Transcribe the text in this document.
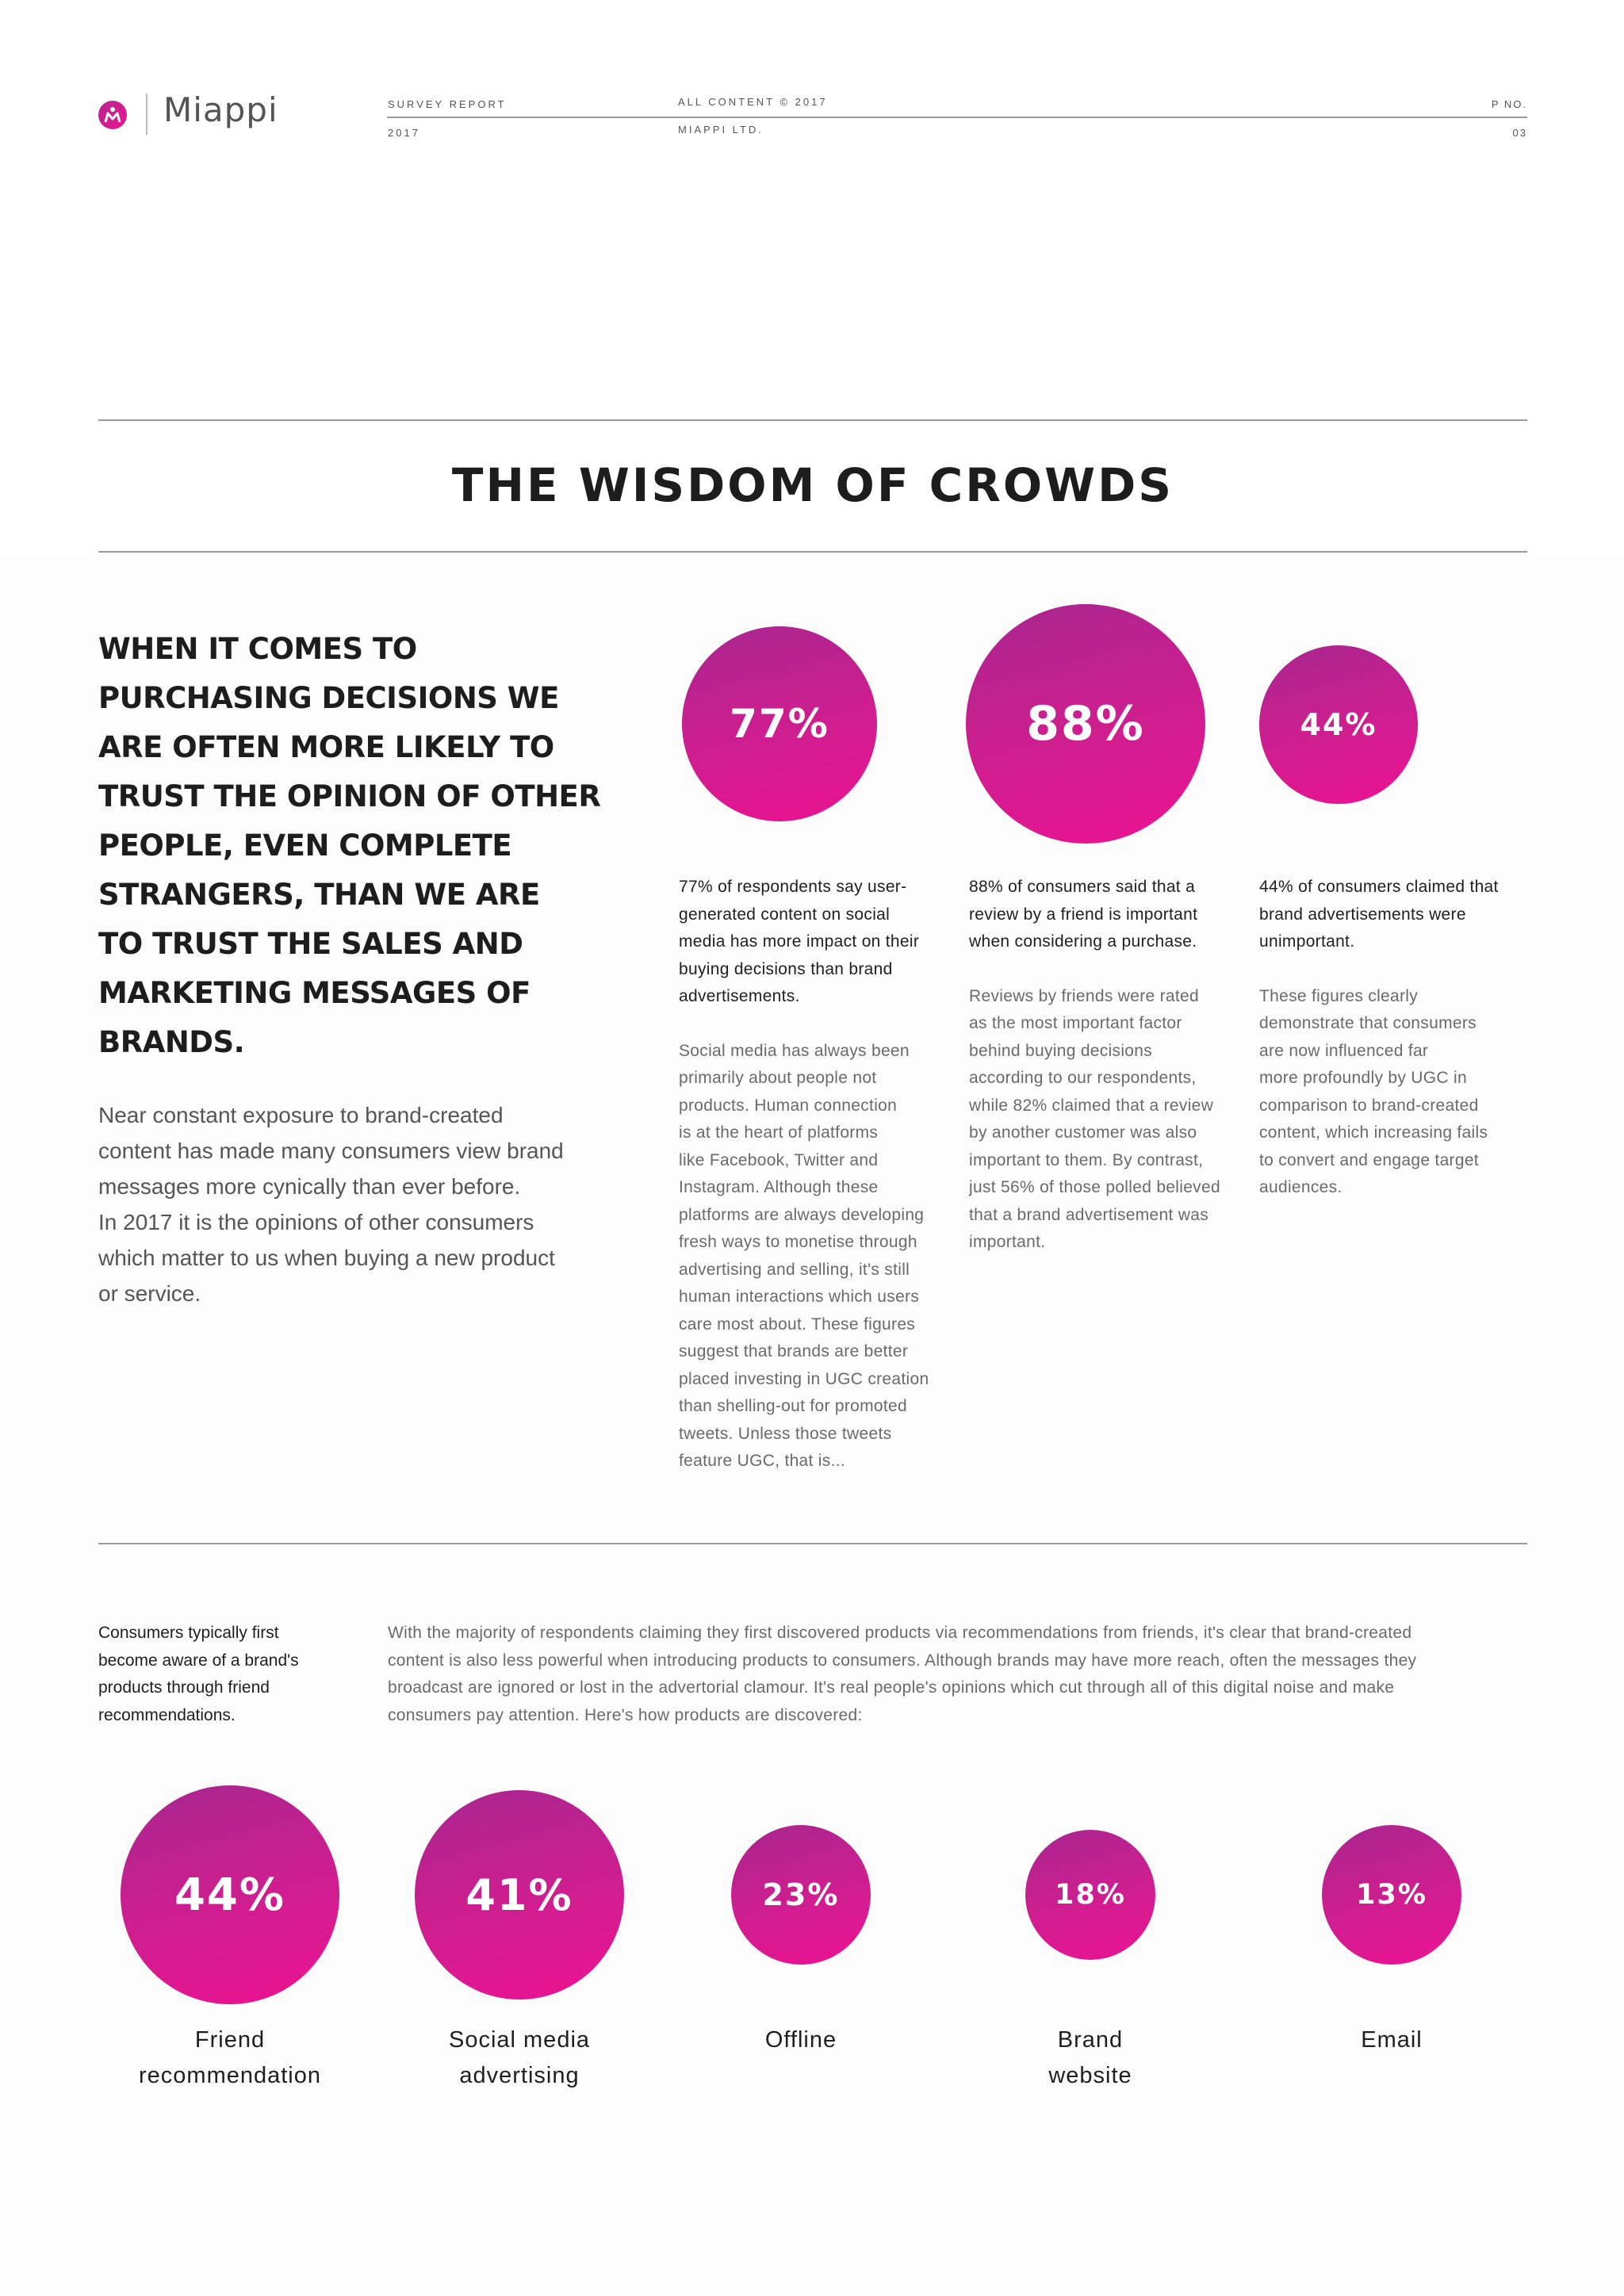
Miappi	SURVEY REPORT
2017
ALL CONTENT © 2017
MIAPPI LTD.
P NO.
03
THE WISDOM OF CROWDS
WHEN IT COMES TO
PURCHASING DECISIONS WE
ARE OFTEN MORE LIKELY TO
TRUST THE OPINION OF OTHER
PEOPLE, EVEN COMPLETE
STRANGERS, THAN WE ARE
TO TRUST THE SALES AND
MARKETING MESSAGES OF
BRANDS.
Near constant exposure to brand-created
content has made many consumers view brand
messages more cynically than ever before.
In 2017 it is the opinions of other consumers
which matter to us when buying a new product
or service.
77%	88%	44%
77% of respondents say user-
generated content on social
media has more impact on their
buying decisions than brand
advertisements.
Social media has always been
primarily about people not
products. Human connection
is at the heart of platforms
like Facebook, Twitter and
Instagram. Although these
platforms are always developing
fresh ways to monetise through
advertising and selling, it's still
human interactions which users
care most about. These figures
suggest that brands are better
placed investing in UGC creation
than shelling-out for promoted
tweets. Unless those tweets
feature UGC, that is...
88% of consumers said that a
review by a friend is important
when considering a purchase.
Reviews by friends were rated
as the most important factor
behind buying decisions
according to our respondents,
while 82% claimed that a review
by another customer was also
important to them. By contrast,
just 56% of those polled believed
that a brand advertisement was
important.
44% of consumers claimed that
brand advertisements were
unimportant.
These figures clearly
demonstrate that consumers
are now influenced far
more profoundly by UGC in
comparison to brand-created
content, which increasing fails
to convert and engage target
audiences.
Consumers typically first
become aware of a brand's
products through friend
recommendations.
With the majority of respondents claiming they first discovered products via recommendations from friends, it's clear that brand-created
content is also less powerful when introducing products to consumers. Although brands may have more reach, often the messages they
broadcast are ignored or lost in the advertorial clamour. It's real people's opinions which cut through all of this digital noise and make
consumers pay attention. Here's how products are discovered:
44%	41%	23%	18%	13%
Friend
recommendation
Social media
advertising
Offline	Brand
website
Email
